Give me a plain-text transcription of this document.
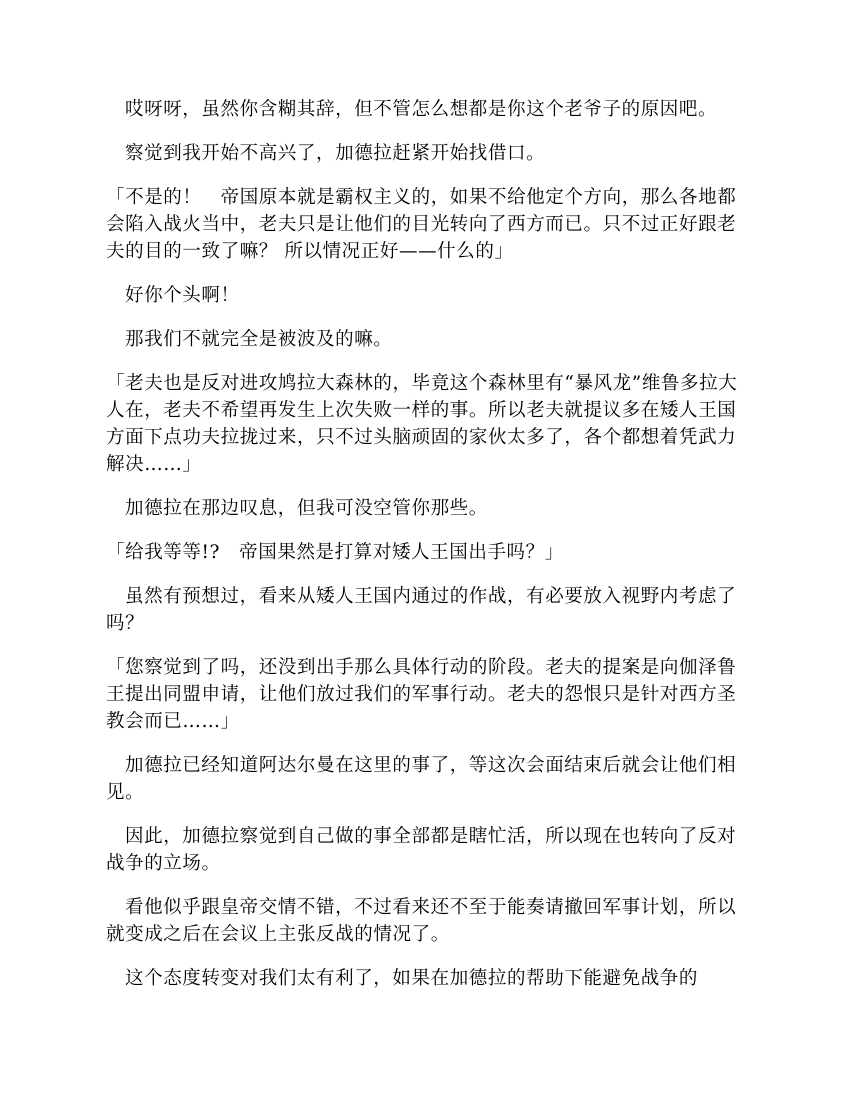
哎呀呀，虽然你含糊其辞，但不管怎么想都是你这个老爷子的原因吧。

察觉到我开始不高兴了，加德拉赶紧开始找借口。

「不是的！　帝国原本就是霸权主义的，如果不给他定个方向，那么各地都会陷入战火当中，老夫只是让他们的目光转向了西方而已。只不过正好跟老夫的目的一致了嘛？ 所以情况正好——什么的」

好你个头啊！

那我们不就完全是被波及的嘛。

「老夫也是反对进攻鸠拉大森林的，毕竟这个森林里有“暴风龙”维鲁多拉大人在，老夫不希望再发生上次失败一样的事。所以老夫就提议多在矮人王国方面下点功夫拉拢过来，只不过头脑顽固的家伙太多了，各个都想着凭武力解决……」

加德拉在那边叹息，但我可没空管你那些。

「给我等等!?　帝国果然是打算对矮人王国出手吗？」

虽然有预想过，看来从矮人王国内通过的作战，有必要放入视野内考虑了吗？

「您察觉到了吗，还没到出手那么具体行动的阶段。老夫的提案是向伽泽鲁王提出同盟申请，让他们放过我们的军事行动。老夫的怨恨只是针对西方圣教会而已……」

加德拉已经知道阿达尔曼在这里的事了，等这次会面结束后就会让他们相见。

因此，加德拉察觉到自己做的事全部都是瞎忙活，所以现在也转向了反对战争的立场。

看他似乎跟皇帝交情不错，不过看来还不至于能奏请撤回军事计划，所以就变成之后在会议上主张反战的情况了。

这个态度转变对我们太有利了，如果在加德拉的帮助下能避免战争的
